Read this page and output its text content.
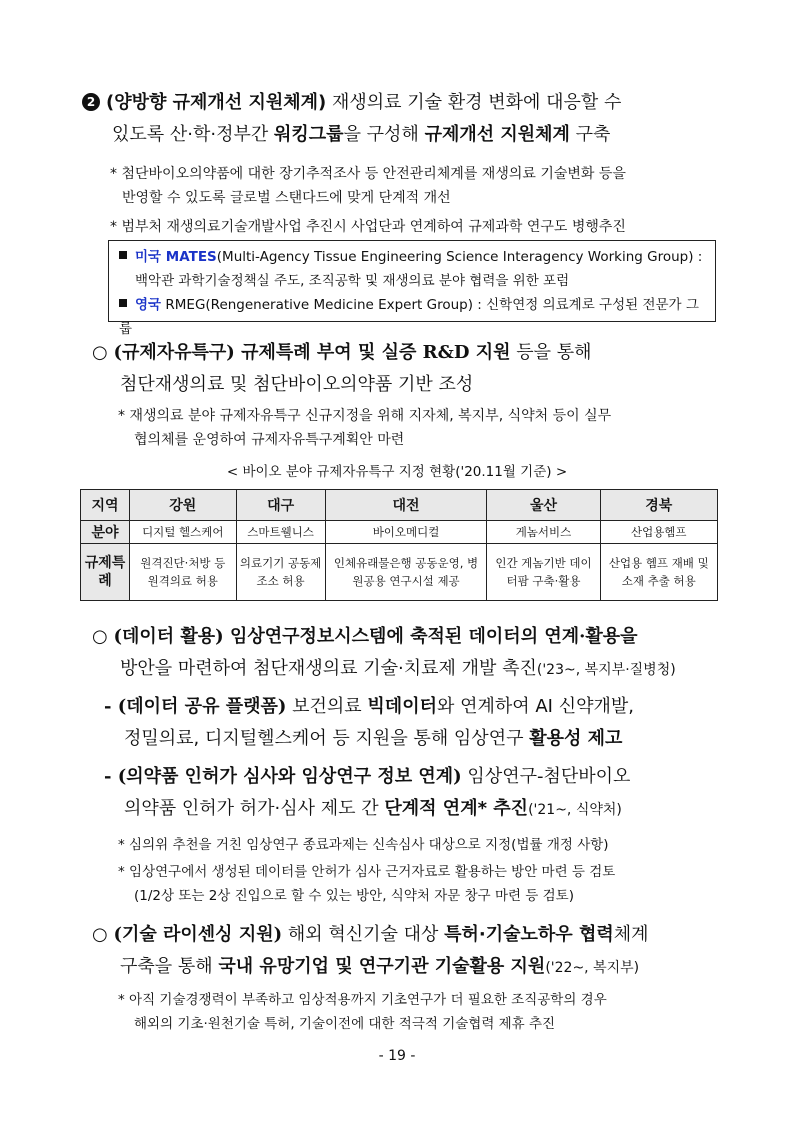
2 (양방향 규제개선 지원체계) 재생의료 기술 환경 변화에 대응할 수
있도록 산·학·정부간 워킹그룹을 구성해 규제개선 지원체계 구축
* 첨단바이오의약품에 대한 장기추적조사 등 안전관리체계를 재생의료 기술변화 등을
반영할 수 있도록 글로벌 스탠다드에 맞게 단계적 개선
* 범부처 재생의료기술개발사업 추진시 사업단과 연계하여 규제과학 연구도 병행추진
미국 MATES(Multi-Agency Tissue Engineering Science Interagency Working Group) :
백악관 과학기술정책실 주도, 조직공학 및 재생의료 분야 협력을 위한 포럼
영국 RMEG(Rengenerative Medicine Expert Group) : 신학연정 의료계로 구성된 전문가 그룹
○ (규제자유특구) 규제특례 부여 및 실증 R&D 지원 등을 통해
첨단재생의료 및 첨단바이오의약품 기반 조성
* 재생의료 분야 규제자유특구 신규지정을 위해 지자체, 복지부, 식약처 등이 실무
협의체를 운영하여 규제자유특구계획안 마련
< 바이오 분야 규제자유특구 지정 현황('20.11월 기준) >
지역	강원	대구	대전	울산	경북
분야	디지털 헬스케어	스마트웰니스	바이오메디컬	게놈서비스	산업용헴프
규제특례	원격진단·처방 등 원격의료 허용	의료기기 공동제조소 허용	인체유래물은행 공동운영, 병원공용 연구시설 제공	인간 게놈기반 데이터팜 구축·활용	산업용 헴프 재배 및 소재 추출 허용
○ (데이터 활용) 임상연구정보시스템에 축적된 데이터의 연계·활용을
방안을 마련하여 첨단재생의료 기술·치료제 개발 촉진('23~, 복지부·질병청)
- (데이터 공유 플랫폼) 보건의료 빅데이터와 연계하여 AI 신약개발,
정밀의료, 디지털헬스케어 등 지원을 통해 임상연구 활용성 제고
- (의약품 인허가 심사와 임상연구 정보 연계) 임상연구-첨단바이오
의약품 인허가 허가·심사 제도 간 단계적 연계* 추진('21~, 식약처)
* 심의위 추천을 거친 임상연구 종료과제는 신속심사 대상으로 지정(법률 개정 사항)
* 임상연구에서 생성된 데이터를 안허가 심사 근거자료로 활용하는 방안 마련 등 검토
(1/2상 또는 2상 진입으로 할 수 있는 방안, 식약처 자문 창구 마련 등 검토)
○ (기술 라이센싱 지원) 해외 혁신기술 대상 특허·기술노하우 협력체계
구축을 통해 국내 유망기업 및 연구기관 기술활용 지원('22~, 복지부)
* 아직 기술경쟁력이 부족하고 임상적용까지 기초연구가 더 필요한 조직공학의 경우
해외의 기초·원천기술 특허, 기술이전에 대한 적극적 기술협력 제휴 추진
- 19 -
